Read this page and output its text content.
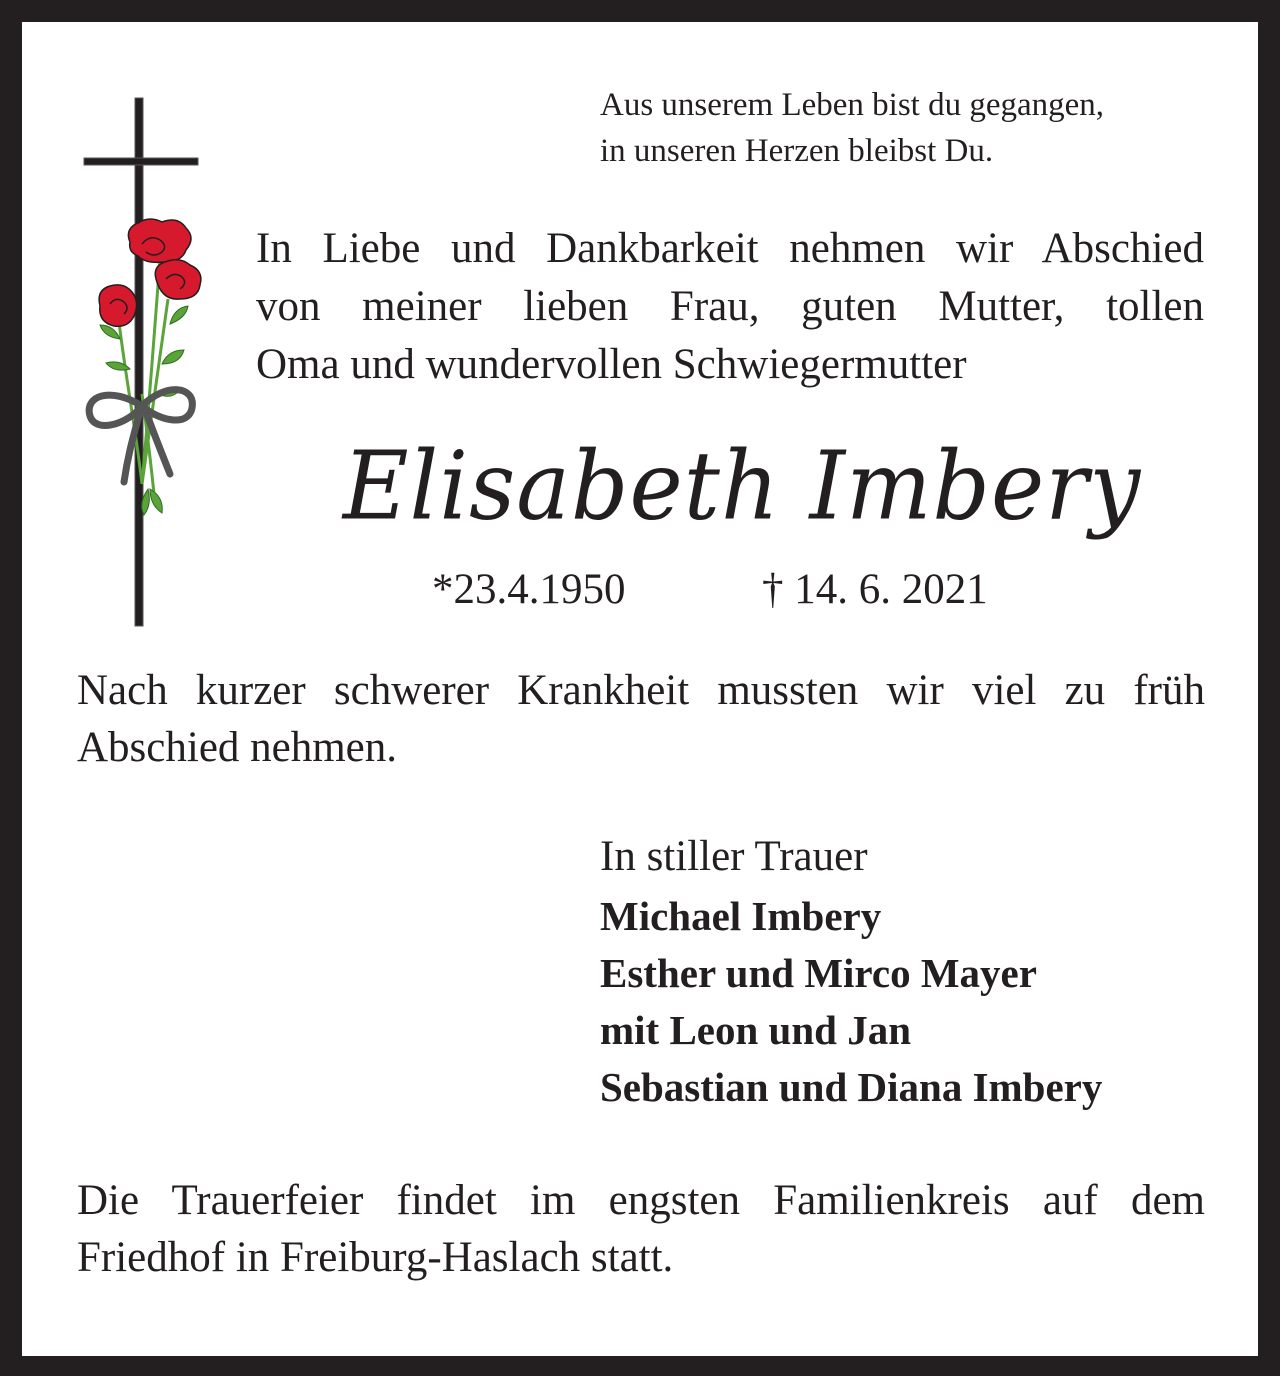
Aus unserem Leben bist du gegangen,
in unseren Herzen bleibst Du.
In Liebe und Dankbarkeit nehmen wir Abschied
von meiner lieben Frau, guten Mutter, tollen
Oma und wundervollen Schwiegermutter
Elisabeth Imbery
*23.4.1950	† 14. 6. 2021
Nach kurzer schwerer Krankheit mussten wir viel zu früh
Abschied nehmen.
In stiller Trauer
Michael Imbery
Esther und Mirco Mayer
mit Leon und Jan
Sebastian und Diana Imbery
Die Trauerfeier findet im engsten Familienkreis auf dem
Friedhof in Freiburg-Haslach statt.
